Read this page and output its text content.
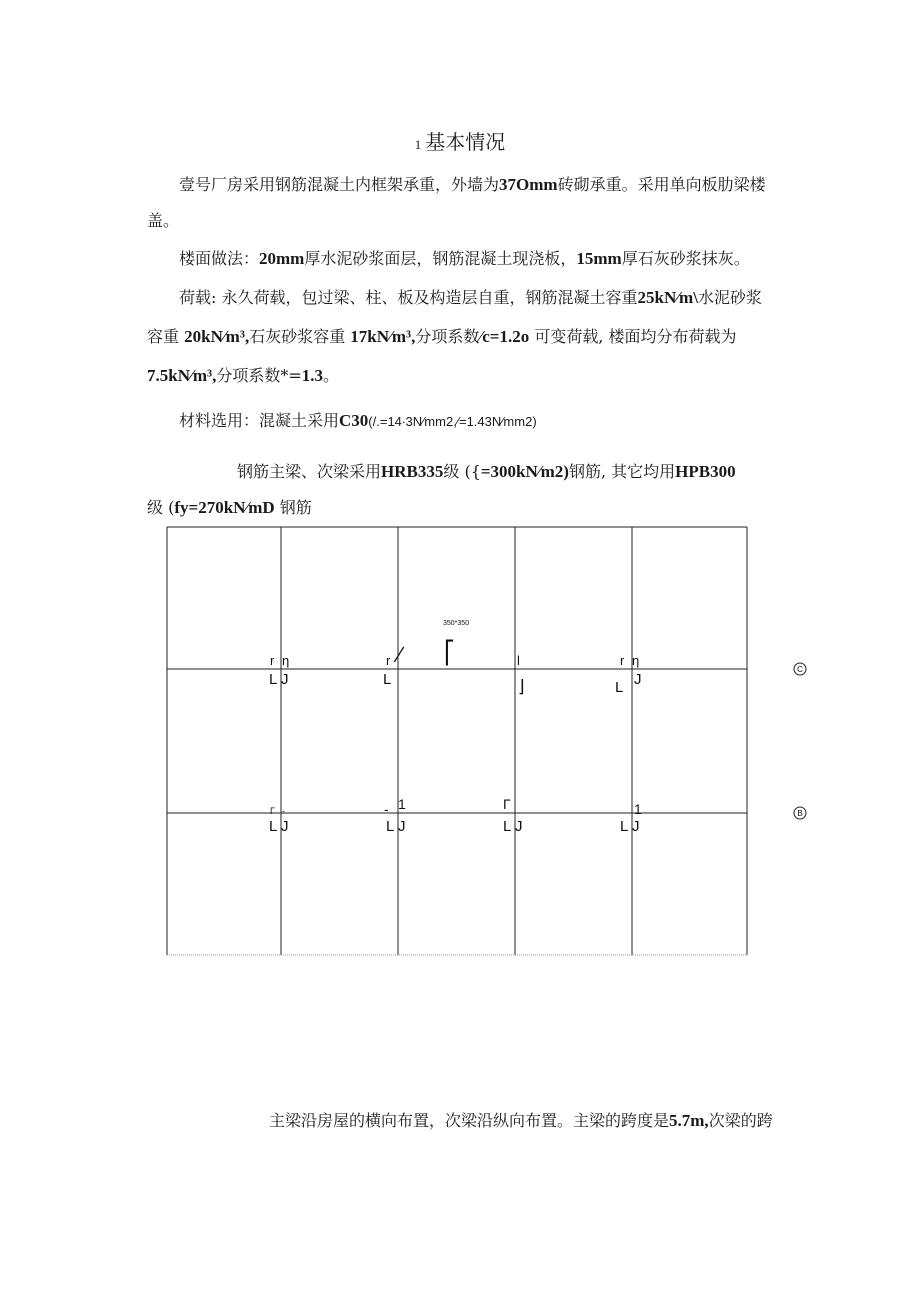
1 基本情况
壹号厂房采用钢筋混凝土内框架承重，外墙为37Omm砖砌承重。采用单向板肋梁楼
盖。
楼面做法：20mm厚水泥砂浆面层，钢筋混凝土现浇板，15mm厚石灰砂浆抹灰。
荷载: 永久荷载，包过梁、柱、板及构造层自重，钢筋混凝土容重25kN∕m\水泥砂浆
容重 20kN∕m³,石灰砂浆容重 17kN∕m³,分项系数∕c=1.2o 可变荷载, 楼面均分布荷载为
7.5kN∕m³,分项系数*=1.3。
材料选用：混凝土采用C30(/.=14∙3N∕mm2,∕=1.43N∕mm2)
钢筋主梁、次梁采用HRB335级 ({=300kN∕m2)钢筋, 其它均用HPB300
级 (fy=270kN∕mD 钢筋
350*350
r η
L J
r ∕
L
⎡	l
⌋
r η
L J
Γ -
L J
- 1
L J
Γ
L J
1
L J
C
B
主梁沿房屋的横向布置，次梁沿纵向布置。主梁的跨度是5.7m,次梁的跨
